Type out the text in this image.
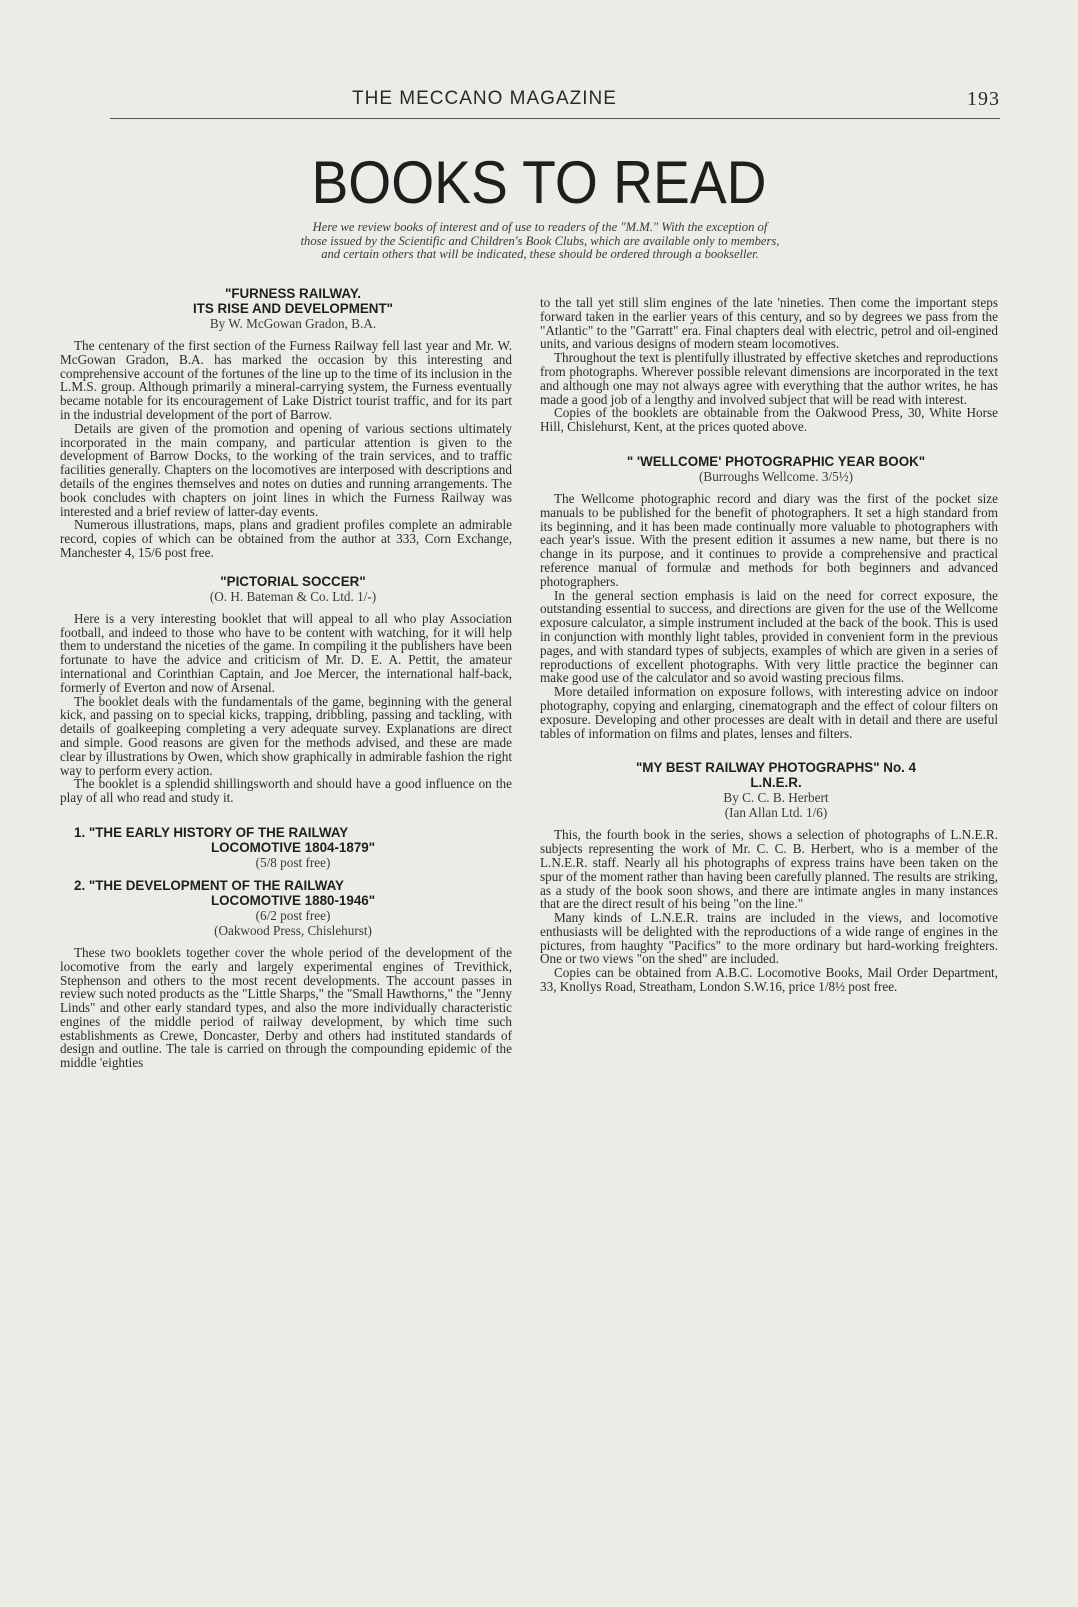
THE MECCANO MAGAZINE	193
BOOKS TO READ
Here we review books of interest and of use to readers of the "M.M." With the exception of
those issued by the Scientific and Children's Book Clubs, which are available only to members,
and certain others that will be indicated, these should be ordered through a bookseller.

"FURNESS RAILWAY.

ITS RISE AND DEVELOPMENT"

By W. McGowan Gradon, B.A.

The centenary of the first section of the Furness Railway fell last year and Mr. W. McGowan Gradon, B.A. has marked the occasion by this interesting and comprehensive account of the fortunes of the line up to the time of its inclusion in the L.M.S. group. Although primarily a mineral-carrying system, the Furness eventually became notable for its encouragement of Lake District tourist traffic, and for its part in the industrial development of the port of Barrow.

Details are given of the promotion and opening of various sections ultimately incorporated in the main company, and particular attention is given to the development of Barrow Docks, to the working of the train services, and to traffic facilities generally. Chapters on the locomotives are interposed with descriptions and details of the engines themselves and notes on duties and running arrangements. The book concludes with chapters on joint lines in which the Furness Railway was interested and a brief review of latter-day events.

Numerous illustrations, maps, plans and gradient profiles complete an admirable record, copies of which can be obtained from the author at 333, Corn Exchange, Manchester 4, 15/6 post free.

"PICTORIAL SOCCER"

(O. H. Bateman & Co. Ltd. 1/-)

Here is a very interesting booklet that will appeal to all who play Association football, and indeed to those who have to be content with watching, for it will help them to understand the niceties of the game. In compiling it the publishers have been fortunate to have the advice and criticism of Mr. D. E. A. Pettit, the amateur international and Corinthian Captain, and Joe Mercer, the international half-back, formerly of Everton and now of Arsenal.

The booklet deals with the fundamentals of the game, beginning with the general kick, and passing on to special kicks, trapping, dribbling, passing and tackling, with details of goalkeeping completing a very adequate survey. Explanations are direct and simple. Good reasons are given for the methods advised, and these are made clear by illustrations by Owen, which show graphically in admirable fashion the right way to perform every action.

The booklet is a splendid shillingsworth and should have a good influence on the play of all who read and study it.

1. "THE EARLY HISTORY OF THE RAILWAY

LOCOMOTIVE 1804-1879"

(5/8 post free)

2. "THE DEVELOPMENT OF THE RAILWAY

LOCOMOTIVE 1880-1946"

(6/2 post free)

(Oakwood Press, Chislehurst)

These two booklets together cover the whole period of the development of the locomotive from the early and largely experimental engines of Trevithick, Stephenson and others to the most recent developments. The account passes in review such noted products as the "Little Sharps," the "Small Hawthorns," the "Jenny Linds" and other early standard types, and also the more individually characteristic engines of the middle period of railway development, by which time such establishments as Crewe, Doncaster, Derby and others had instituted standards of design and outline. The tale is carried on through the compounding epidemic of the middle 'eighties

to the tall yet still slim engines of the late 'nineties. Then come the important steps forward taken in the earlier years of this century, and so by degrees we pass from the "Atlantic" to the "Garratt" era. Final chapters deal with electric, petrol and oil-engined units, and various designs of modern steam locomotives.

Throughout the text is plentifully illustrated by effective sketches and reproductions from photographs. Wherever possible relevant dimensions are incorporated in the text and although one may not always agree with everything that the author writes, he has made a good job of a lengthy and involved subject that will be read with interest.

Copies of the booklets are obtainable from the Oakwood Press, 30, White Horse Hill, Chislehurst, Kent, at the prices quoted above.

" 'WELLCOME' PHOTOGRAPHIC YEAR BOOK"

(Burroughs Wellcome. 3/5½)

The Wellcome photographic record and diary was the first of the pocket size manuals to be published for the benefit of photographers. It set a high standard from its beginning, and it has been made continually more valuable to photographers with each year's issue. With the present edition it assumes a new name, but there is no change in its purpose, and it continues to provide a comprehensive and practical reference manual of formulæ and methods for both beginners and advanced photographers.

In the general section emphasis is laid on the need for correct exposure, the outstanding essential to success, and directions are given for the use of the Wellcome exposure calculator, a simple instrument included at the back of the book. This is used in conjunction with monthly light tables, provided in convenient form in the previous pages, and with standard types of subjects, examples of which are given in a series of reproductions of excellent photographs. With very little practice the beginner can make good use of the calculator and so avoid wasting precious films.

More detailed information on exposure follows, with interesting advice on indoor photography, copying and enlarging, cinematograph and the effect of colour filters on exposure. Developing and other processes are dealt with in detail and there are useful tables of information on films and plates, lenses and filters.

"MY BEST RAILWAY PHOTOGRAPHS" No. 4

L.N.E.R.

By C. C. B. Herbert

(Ian Allan Ltd. 1/6)

This, the fourth book in the series, shows a selection of photographs of L.N.E.R. subjects representing the work of Mr. C. C. B. Herbert, who is a member of the L.N.E.R. staff. Nearly all his photographs of express trains have been taken on the spur of the moment rather than having been carefully planned. The results are striking, as a study of the book soon shows, and there are intimate angles in many instances that are the direct result of his being "on the line."

Many kinds of L.N.E.R. trains are included in the views, and locomotive enthusiasts will be delighted with the reproductions of a wide range of engines in the pictures, from haughty "Pacifics" to the more ordinary but hard-working freighters. One or two views "on the shed" are included.

Copies can be obtained from A.B.C. Locomotive Books, Mail Order Department, 33, Knollys Road, Streatham, London S.W.16, price 1/8½ post free.
